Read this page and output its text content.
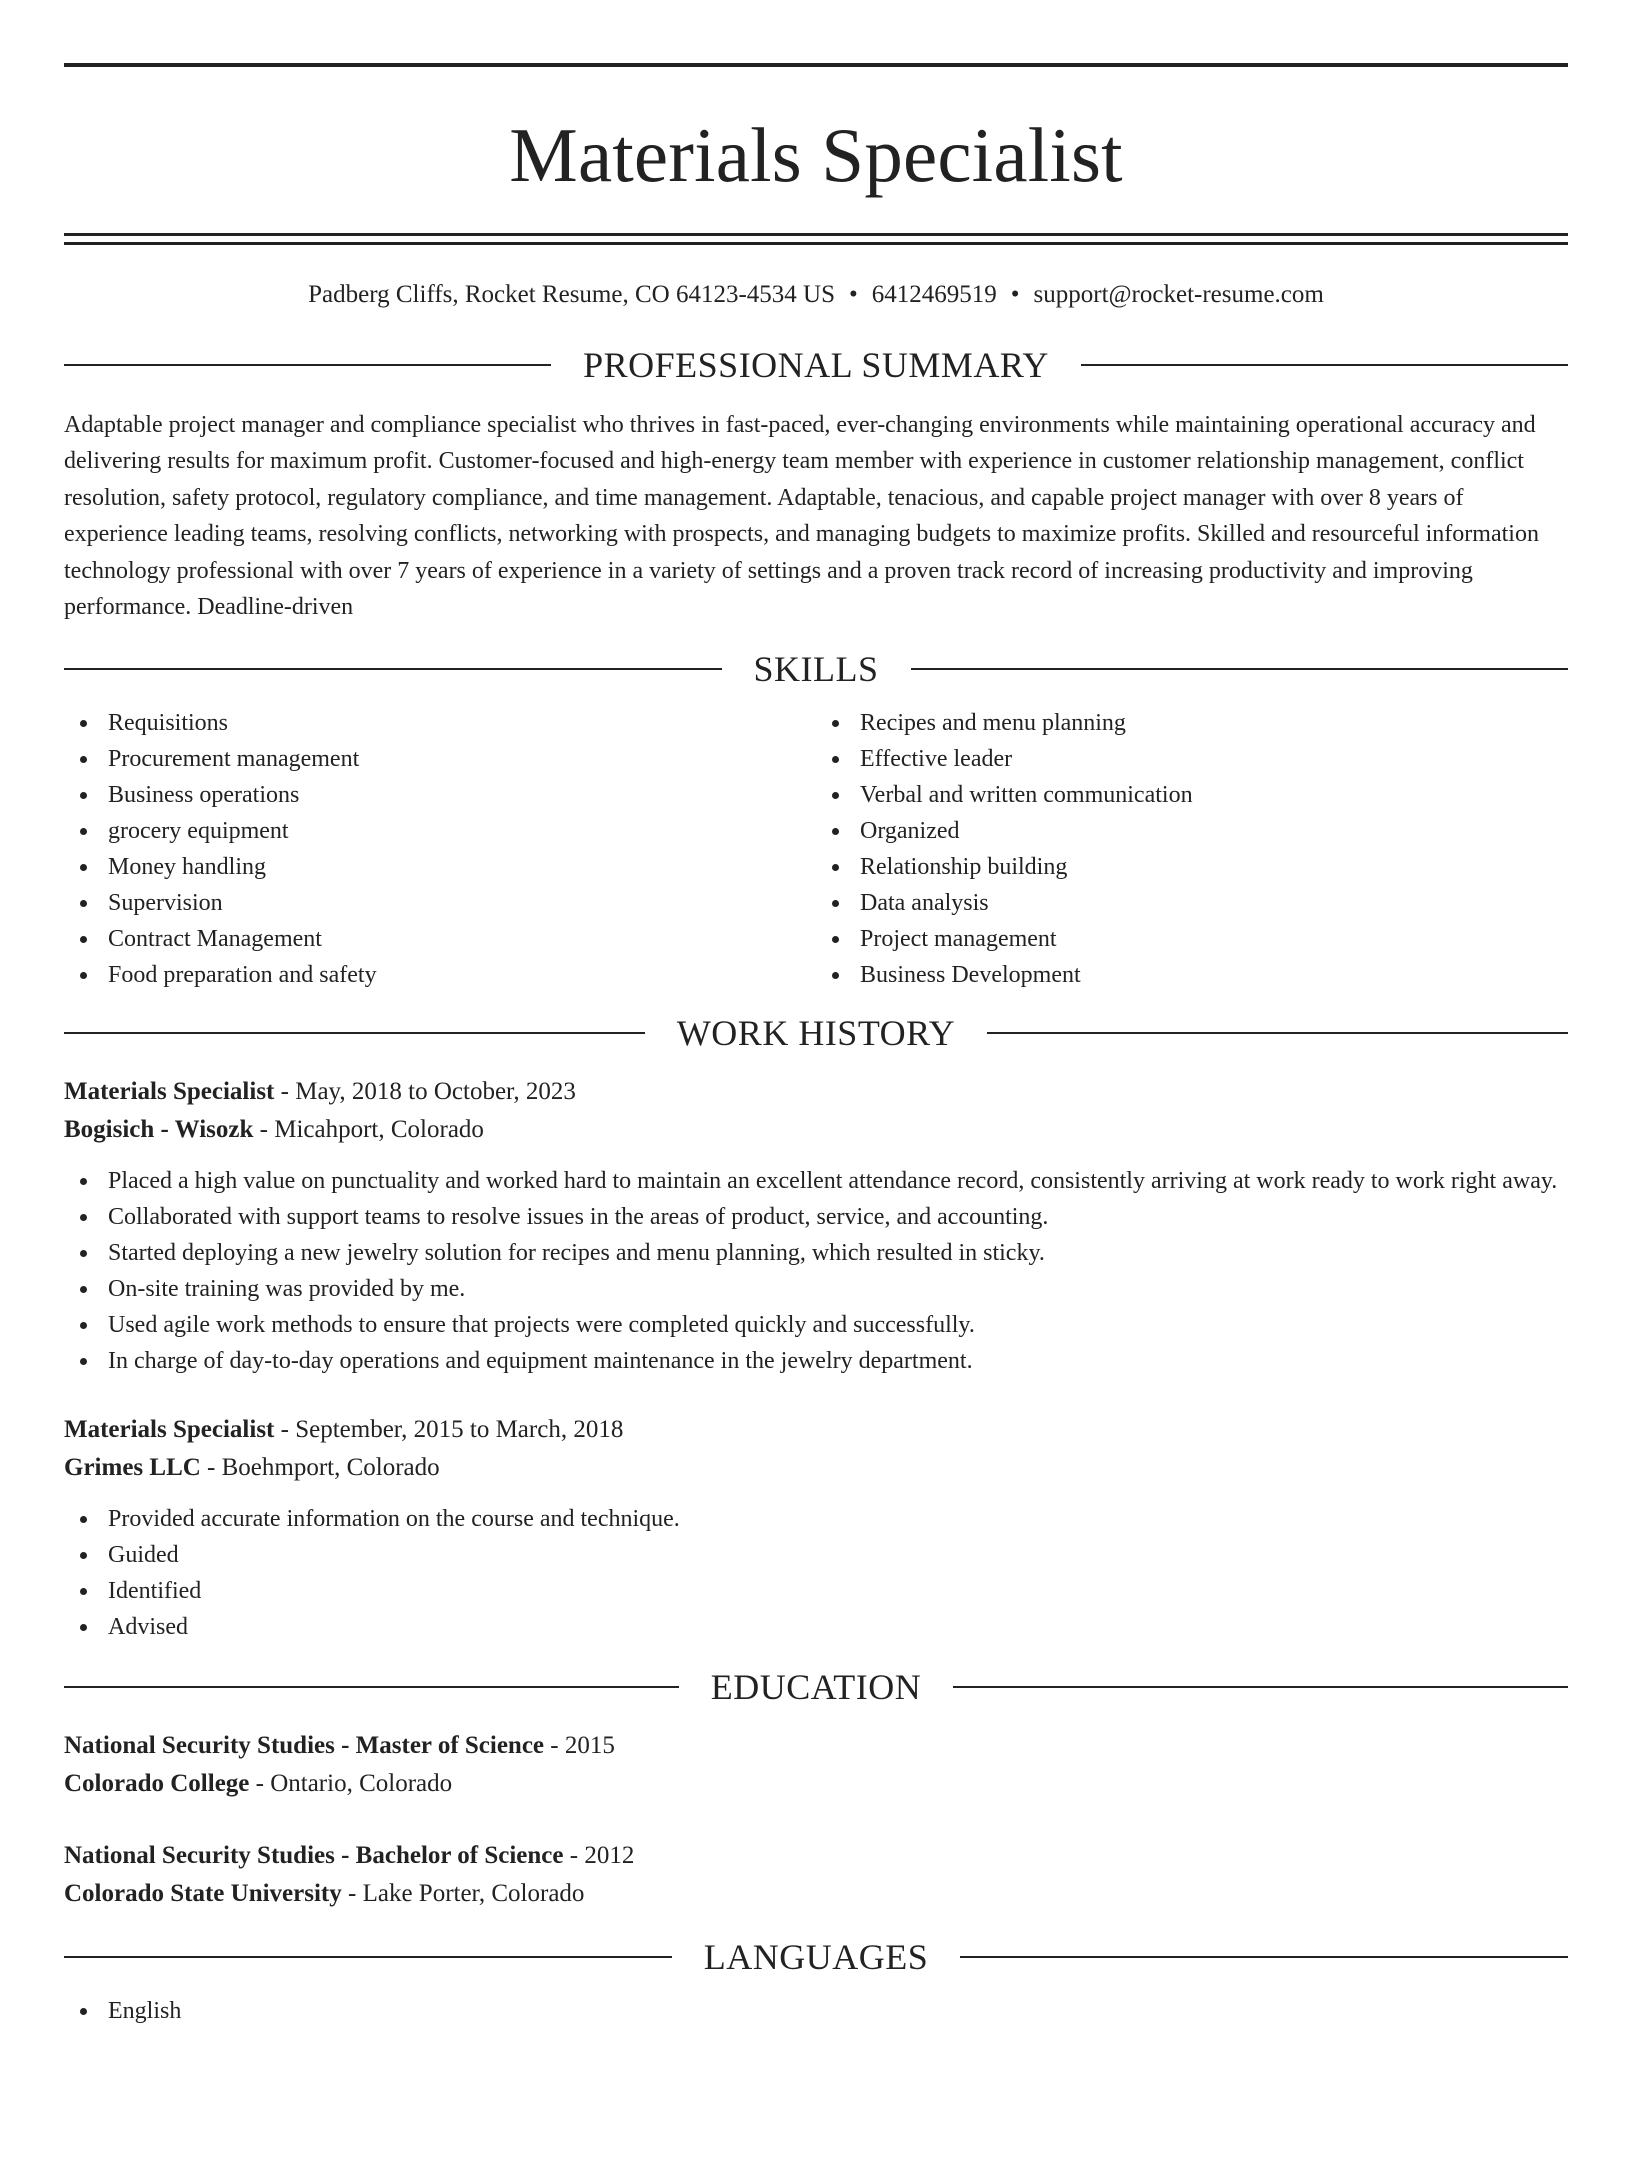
Materials Specialist
Padberg Cliffs, Rocket Resume, CO 64123-4534 US • 6412469519 • support@rocket-resume.com
PROFESSIONAL SUMMARY

Adaptable project manager and compliance specialist who thrives in fast-paced, ever-changing environments while maintaining operational accuracy and delivering results for maximum profit. Customer-focused and high-energy team member with experience in customer relationship management, conflict resolution, safety protocol, regulatory compliance, and time management. Adaptable, tenacious, and capable project manager with over 8 years of experience leading teams, resolving conflicts, networking with prospects, and managing budgets to maximize profits. Skilled and resourceful information technology professional with over 7 years of experience in a variety of settings and a proven track record of increasing productivity and improving performance. Deadline-driven

SKILLS
Requisitions
Procurement management
Business operations
grocery equipment
Money handling
Supervision
Contract Management
Food preparation and safety
Recipes and menu planning
Effective leader
Verbal and written communication
Organized
Relationship building
Data analysis
Project management
Business Development
WORK HISTORY
Materials Specialist - May, 2018 to October, 2023
Bogisich - Wisozk - Micahport, Colorado
Placed a high value on punctuality and worked hard to maintain an excellent attendance record, consistently arriving at work ready to work right away.
Collaborated with support teams to resolve issues in the areas of product, service, and accounting.
Started deploying a new jewelry solution for recipes and menu planning, which resulted in sticky.
On-site training was provided by me.
Used agile work methods to ensure that projects were completed quickly and successfully.
In charge of day-to-day operations and equipment maintenance in the jewelry department.
Materials Specialist - September, 2015 to March, 2018
Grimes LLC - Boehmport, Colorado
Provided accurate information on the course and technique.
Guided
Identified
Advised
EDUCATION
National Security Studies - Master of Science - 2015
Colorado College - Ontario, Colorado
National Security Studies - Bachelor of Science - 2012
Colorado State University - Lake Porter, Colorado
LANGUAGES
English
